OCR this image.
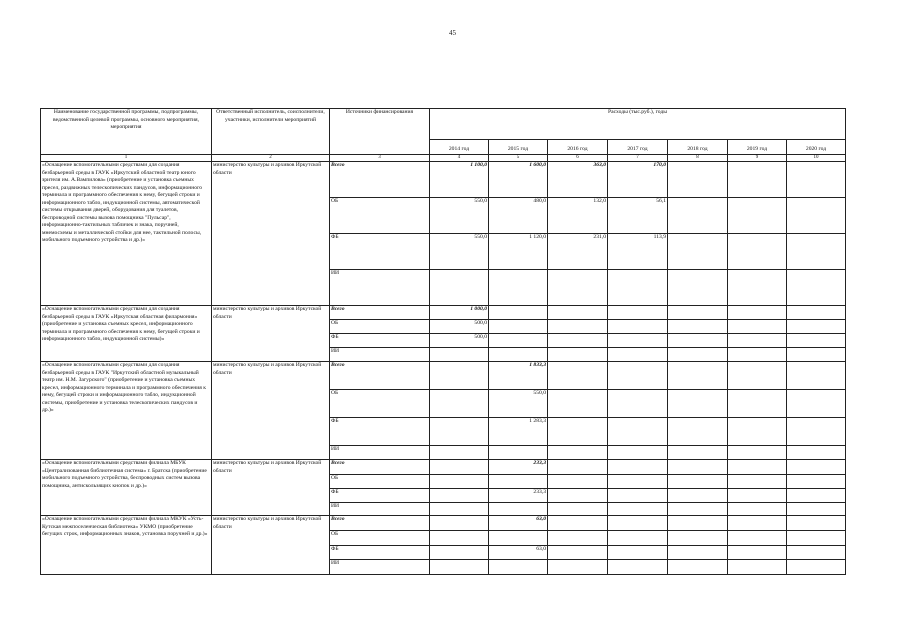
45
Наименование государственной программы, подпрограммы, ведомственной целевой программы, основного мероприятия, мероприятия	Ответственный исполнитель, соисполнители, участники, исполнители мероприятий	Источники финансирования	Расходы (тыс.руб.), годы						
			2014 год	2015 год	2016 год	2017 год	2018 год	2019 год	2020 год
1	2	3	4	5	6	7	8	9	10
«Оснащение вспомогательными средствами для создания безбарьерной среды в ГАУК «Иркутский областной театр юного зрителя им. А.Вампилова» (приобретение и установка съемных пресел, раздвижных телескопических пандусов, информационного терминала и программного обеспечения к нему, бегущей строки и информационного табло, индукционной системы, автоматической системы открывания дверей, оборудования для туалетов, беспроводной системы вызова помощника "Пульсар", информационно-тактильных табличек и знака, поручней, мнемосхемы и металлической стойки для нее, тактильной полосы, мобильного подъемного устройства и др.)»	министерство культуры и архивов Иркутской области	Всего	1 100,0	1 600,0	363,0	170,0			
		ОБ	550,0	480,0	132,0	56,1			
		ФБ	550,0	1 120,0	231,0	113,9			
		ИИ							
«Оснащение вспомогательными средствами для создания безбарьерной среды в ГАУК «Иркутская областная филармония» (приобретение и установка съемных кресел, информационного терминала и программного обеспечения к нему, бегущей строки и информационного табло, индукционной системы)»	министерство культуры и архивов Иркутской области	Всего	1 000,0						
		ОБ	500,0						
		ФБ	500,0						
		ИИ							
«Оснащение вспомогательными средствами для создания безбарьерной среды в ГАУК "Иркутский областной музыкальный театр им. Н.М. Загурского" (приобретение и установка съемных кресел, информационного терминала и программного обеспечения к нему, бегущей строки и информационного табло, индукционной системы, приобретение и установка телескопических пандусов и др.)»	министерство культуры и архивов Иркутской области	Всего		1 833,3					
		ОБ		550,0					
		ФБ		1 283,3					
		ИИ							
«Оснащение вспомогательными средствами филиала МБУК «Централизованная библиотечная система» г. Братска (приобретение мобильного подъемного устройства, беспроводных систем вызова помощника, антискользящих кнопок и др.)»	министерство культуры и архивов Иркутской области	Всего		233,3					
		ОБ							
		ФБ		233,3					
		ИИ							
«Оснащение вспомогательными средствами филиала МКУК «Усть-Кутская межпоселенческая библиотека» УКМО (приобретение бегущих строк, информационных знаков, установка поручней и др.)»	министерство культуры и архивов Иркутской области	Всего		63,0					
		ОБ							
		ФБ		63,0					
		ИИ							
